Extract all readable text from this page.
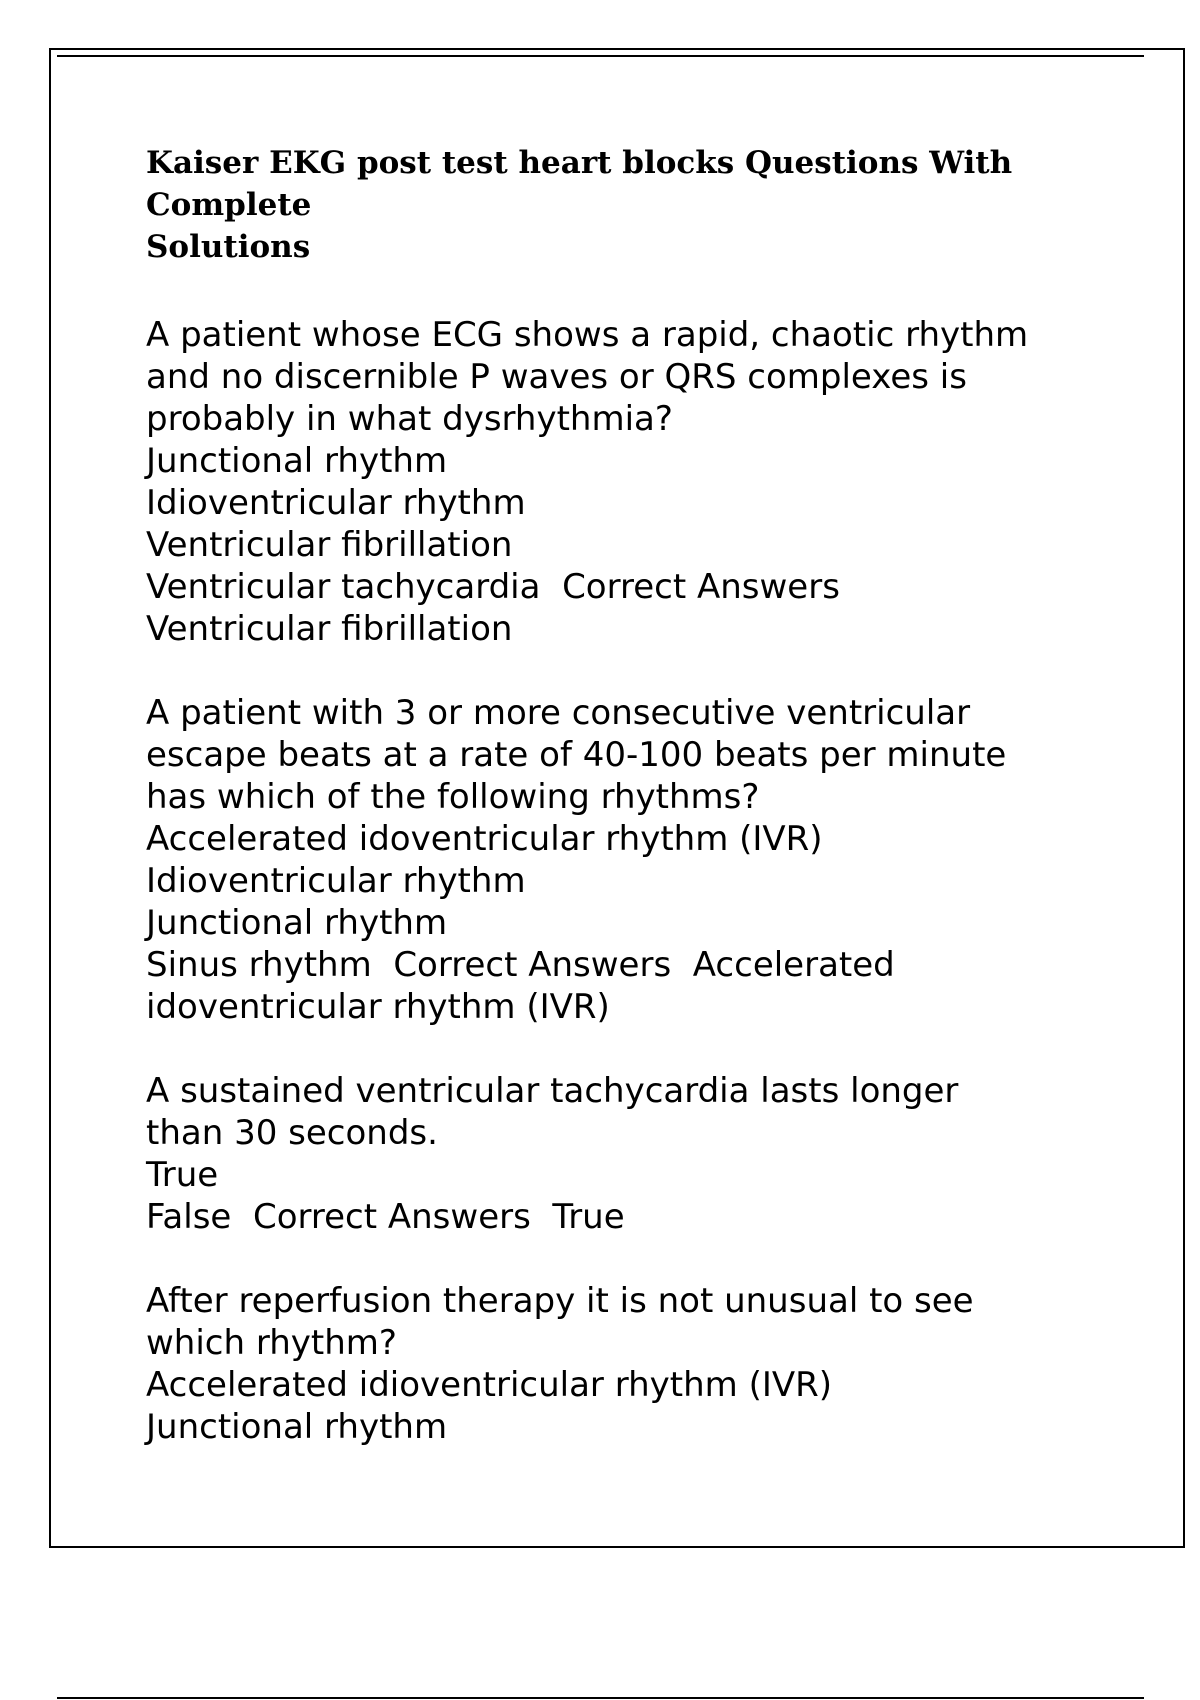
Kaiser EKG post test heart blocks Questions With Complete
Solutions
A patient whose ECG shows a rapid, chaotic rhythm
and no discernible P waves or QRS complexes is
probably in what dysrhythmia?
Junctional rhythm
Idioventricular rhythm
Ventricular fibrillation
Ventricular tachycardia  Correct Answers
Ventricular fibrillation
A patient with 3 or more consecutive ventricular
escape beats at a rate of 40-100 beats per minute
has which of the following rhythms?
Accelerated idoventricular rhythm (IVR)
Idioventricular rhythm
Junctional rhythm
Sinus rhythm  Correct Answers  Accelerated
idoventricular rhythm (IVR)
A sustained ventricular tachycardia lasts longer
than 30 seconds.
True
False  Correct Answers  True
After reperfusion therapy it is not unusual to see
which rhythm?
Accelerated idioventricular rhythm (IVR)
Junctional rhythm
